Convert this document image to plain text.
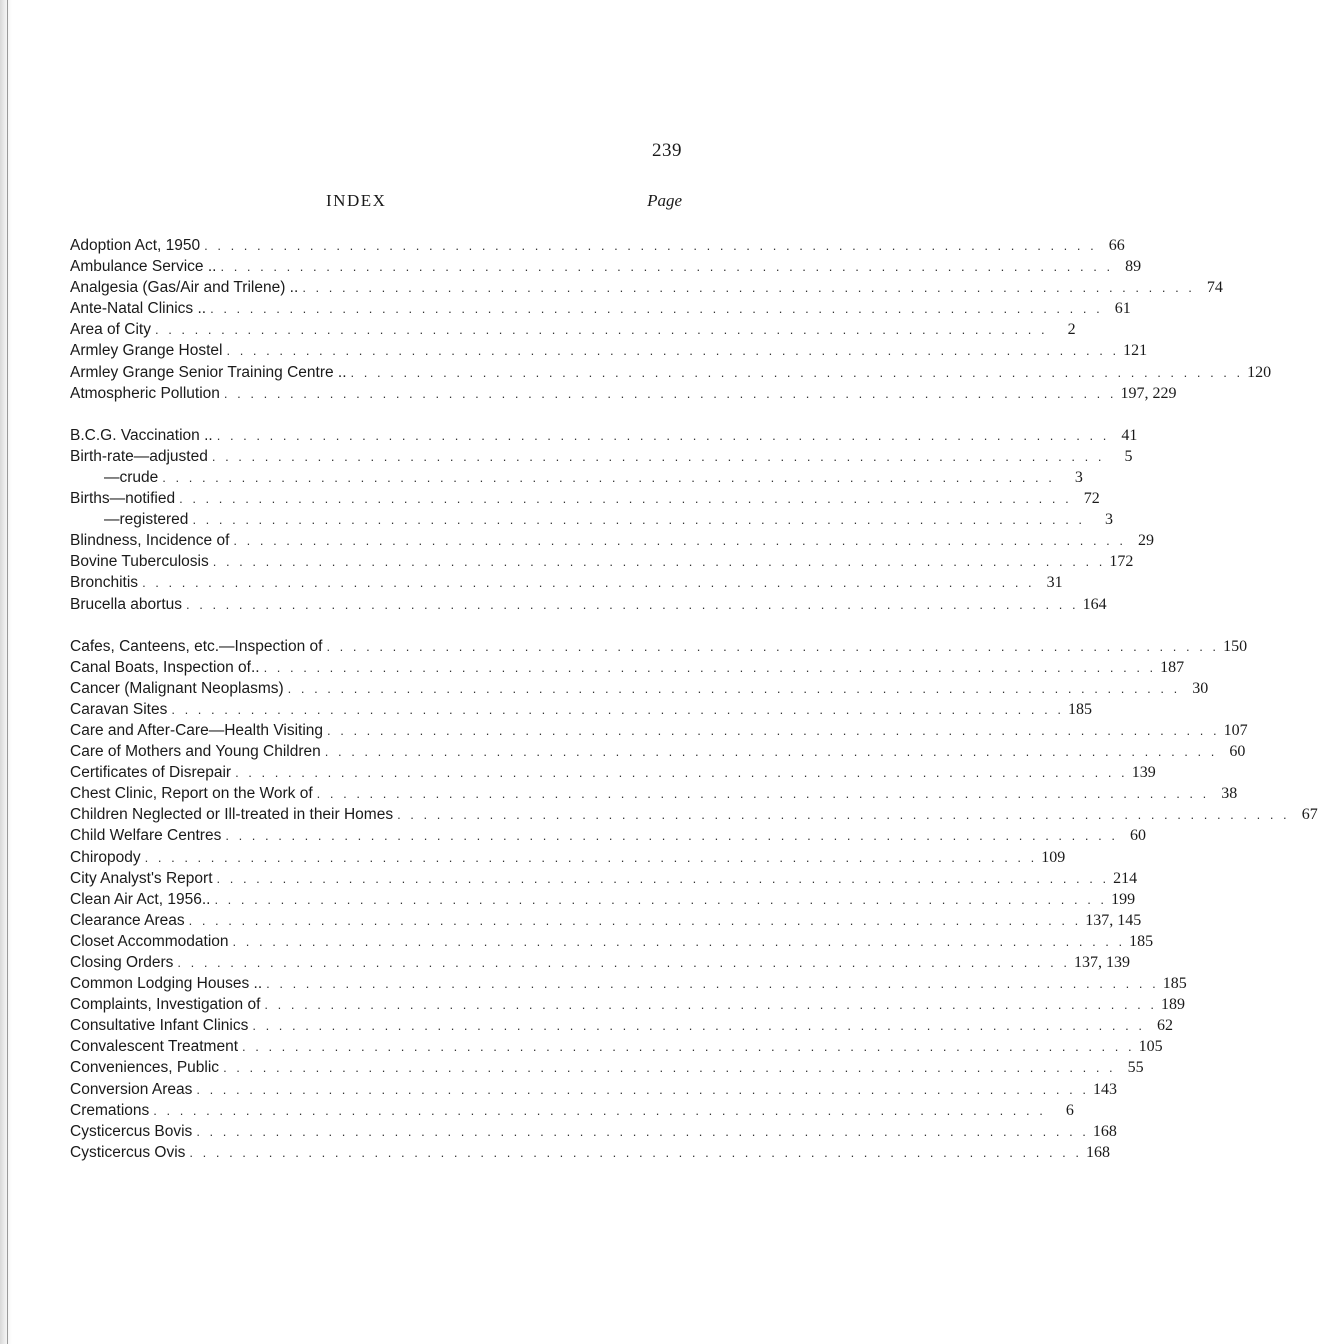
239
INDEX	Page
Adoption Act, 1950 . . . . . . . . . . . . . . . . . . . . . . . . . . . . . . . . . . . . . . . . . . . . . . . . . . . . . . . . . . . . . . . . . . . . 66
Ambulance Service .. . . . . . . . . . . . . . . . . . . . . . . . . . . . . . . . . . . . . . . . . . . . . . . . . . . . . . . . . . . . . . . . . . . . . 89
Analgesia (Gas/Air and Trilene) .. . . . . . . . . . . . . . . . . . . . . . . . . . . . . . . . . . . . . . . . . . . . . . . . . . . . . . . . . . . . . . . . . . . . . 74
Ante-Natal Clinics .. . . . . . . . . . . . . . . . . . . . . . . . . . . . . . . . . . . . . . . . . . . . . . . . . . . . . . . . . . . . . . . . . . . . . 61
Area of City . . . . . . . . . . . . . . . . . . . . . . . . . . . . . . . . . . . . . . . . . . . . . . . . . . . . . . . . . . . . . . . . . . . .	2
Armley Grange Hostel . . . . . . . . . . . . . . . . . . . . . . . . . . . . . . . . . . . . . . . . . . . . . . . . . . . . . . . . . . . . . . . . . . . . 121
Armley Grange Senior Training Centre .. . . . . . . . . . . . . . . . . . . . . . . . . . . . . . . . . . . . . . . . . . . . . . . . . . . . . . . . . . . . . . . . . . . . . 120
Atmospheric Pollution . . . . . . . . . . . . . . . . . . . . . . . . . . . . . . . . . . . . . . . . . . . . . . . . . . . . . . . . . . . . . . . . . . . . 197, 229
B.C.G. Vaccination .. . . . . . . . . . . . . . . . . . . . . . . . . . . . . . . . . . . . . . . . . . . . . . . . . . . . . . . . . . . . . . . . . . . . . 41
Birth-rate—adjusted . . . . . . . . . . . . . . . . . . . . . . . . . . . . . . . . . . . . . . . . . . . . . . . . . . . . . . . . . . . . . . . . . . . .	5
—crude . . . . . . . . . . . . . . . . . . . . . . . . . . . . . . . . . . . . . . . . . . . . . . . . . . . . . . . . . . . . . . . . . . . .	3
Births—notified . . . . . . . . . . . . . . . . . . . . . . . . . . . . . . . . . . . . . . . . . . . . . . . . . . . . . . . . . . . . . . . . . . . . 72
—registered . . . . . . . . . . . . . . . . . . . . . . . . . . . . . . . . . . . . . . . . . . . . . . . . . . . . . . . . . . . . . . . . . . . .	3
Blindness, Incidence of . . . . . . . . . . . . . . . . . . . . . . . . . . . . . . . . . . . . . . . . . . . . . . . . . . . . . . . . . . . . . . . . . . . . 29
Bovine Tuberculosis . . . . . . . . . . . . . . . . . . . . . . . . . . . . . . . . . . . . . . . . . . . . . . . . . . . . . . . . . . . . . . . . . . . . 172
Bronchitis . . . . . . . . . . . . . . . . . . . . . . . . . . . . . . . . . . . . . . . . . . . . . . . . . . . . . . . . . . . . . . . . . . . . 31
Brucella abortus . . . . . . . . . . . . . . . . . . . . . . . . . . . . . . . . . . . . . . . . . . . . . . . . . . . . . . . . . . . . . . . . . . . . 164
Cafes, Canteens, etc.—Inspection of . . . . . . . . . . . . . . . . . . . . . . . . . . . . . . . . . . . . . . . . . . . . . . . . . . . . . . . . . . . . . . . . . . . . 150
Canal Boats, Inspection of.. . . . . . . . . . . . . . . . . . . . . . . . . . . . . . . . . . . . . . . . . . . . . . . . . . . . . . . . . . . . . . . . . . . . . 187
Cancer (Malignant Neoplasms) . . . . . . . . . . . . . . . . . . . . . . . . . . . . . . . . . . . . . . . . . . . . . . . . . . . . . . . . . . . . . . . . . . . . 30
Caravan Sites . . . . . . . . . . . . . . . . . . . . . . . . . . . . . . . . . . . . . . . . . . . . . . . . . . . . . . . . . . . . . . . . . . . . 185
Care and After-Care—Health Visiting . . . . . . . . . . . . . . . . . . . . . . . . . . . . . . . . . . . . . . . . . . . . . . . . . . . . . . . . . . . . . . . . . . . . 107
Care of Mothers and Young Children . . . . . . . . . . . . . . . . . . . . . . . . . . . . . . . . . . . . . . . . . . . . . . . . . . . . . . . . . . . . . . . . . . . . 60
Certificates of Disrepair . . . . . . . . . . . . . . . . . . . . . . . . . . . . . . . . . . . . . . . . . . . . . . . . . . . . . . . . . . . . . . . . . . . . 139
Chest Clinic, Report on the Work of . . . . . . . . . . . . . . . . . . . . . . . . . . . . . . . . . . . . . . . . . . . . . . . . . . . . . . . . . . . . . . . . . . . . 38
Children Neglected or Ill-treated in their Homes . . . . . . . . . . . . . . . . . . . . . . . . . . . . . . . . . . . . . . . . . . . . . . . . . . . . . . . . . . . . . . . . . . . . 67
Child Welfare Centres . . . . . . . . . . . . . . . . . . . . . . . . . . . . . . . . . . . . . . . . . . . . . . . . . . . . . . . . . . . . . . . . . . . . 60
Chiropody . . . . . . . . . . . . . . . . . . . . . . . . . . . . . . . . . . . . . . . . . . . . . . . . . . . . . . . . . . . . . . . . . . . . 109
City Analyst's Report . . . . . . . . . . . . . . . . . . . . . . . . . . . . . . . . . . . . . . . . . . . . . . . . . . . . . . . . . . . . . . . . . . . . 214
Clean Air Act, 1956.. . . . . . . . . . . . . . . . . . . . . . . . . . . . . . . . . . . . . . . . . . . . . . . . . . . . . . . . . . . . . . . . . . . . . 199
Clearance Areas . . . . . . . . . . . . . . . . . . . . . . . . . . . . . . . . . . . . . . . . . . . . . . . . . . . . . . . . . . . . . . . . . . . . 137, 145
Closet Accommodation . . . . . . . . . . . . . . . . . . . . . . . . . . . . . . . . . . . . . . . . . . . . . . . . . . . . . . . . . . . . . . . . . . . . 185
Closing Orders . . . . . . . . . . . . . . . . . . . . . . . . . . . . . . . . . . . . . . . . . . . . . . . . . . . . . . . . . . . . . . . . . . . . 137, 139
Common Lodging Houses .. . . . . . . . . . . . . . . . . . . . . . . . . . . . . . . . . . . . . . . . . . . . . . . . . . . . . . . . . . . . . . . . . . . . . 185
Complaints, Investigation of . . . . . . . . . . . . . . . . . . . . . . . . . . . . . . . . . . . . . . . . . . . . . . . . . . . . . . . . . . . . . . . . . . . . 189
Consultative Infant Clinics . . . . . . . . . . . . . . . . . . . . . . . . . . . . . . . . . . . . . . . . . . . . . . . . . . . . . . . . . . . . . . . . . . . . 62
Convalescent Treatment . . . . . . . . . . . . . . . . . . . . . . . . . . . . . . . . . . . . . . . . . . . . . . . . . . . . . . . . . . . . . . . . . . . . 105
Conveniences, Public . . . . . . . . . . . . . . . . . . . . . . . . . . . . . . . . . . . . . . . . . . . . . . . . . . . . . . . . . . . . . . . . . . . . 55
Conversion Areas . . . . . . . . . . . . . . . . . . . . . . . . . . . . . . . . . . . . . . . . . . . . . . . . . . . . . . . . . . . . . . . . . . . . 143
Cremations . . . . . . . . . . . . . . . . . . . . . . . . . . . . . . . . . . . . . . . . . . . . . . . . . . . . . . . . . . . . . . . . . . . .	6
Cysticercus Bovis . . . . . . . . . . . . . . . . . . . . . . . . . . . . . . . . . . . . . . . . . . . . . . . . . . . . . . . . . . . . . . . . . . . . 168
Cysticercus Ovis . . . . . . . . . . . . . . . . . . . . . . . . . . . . . . . . . . . . . . . . . . . . . . . . . . . . . . . . . . . . . . . . . . . . 168
